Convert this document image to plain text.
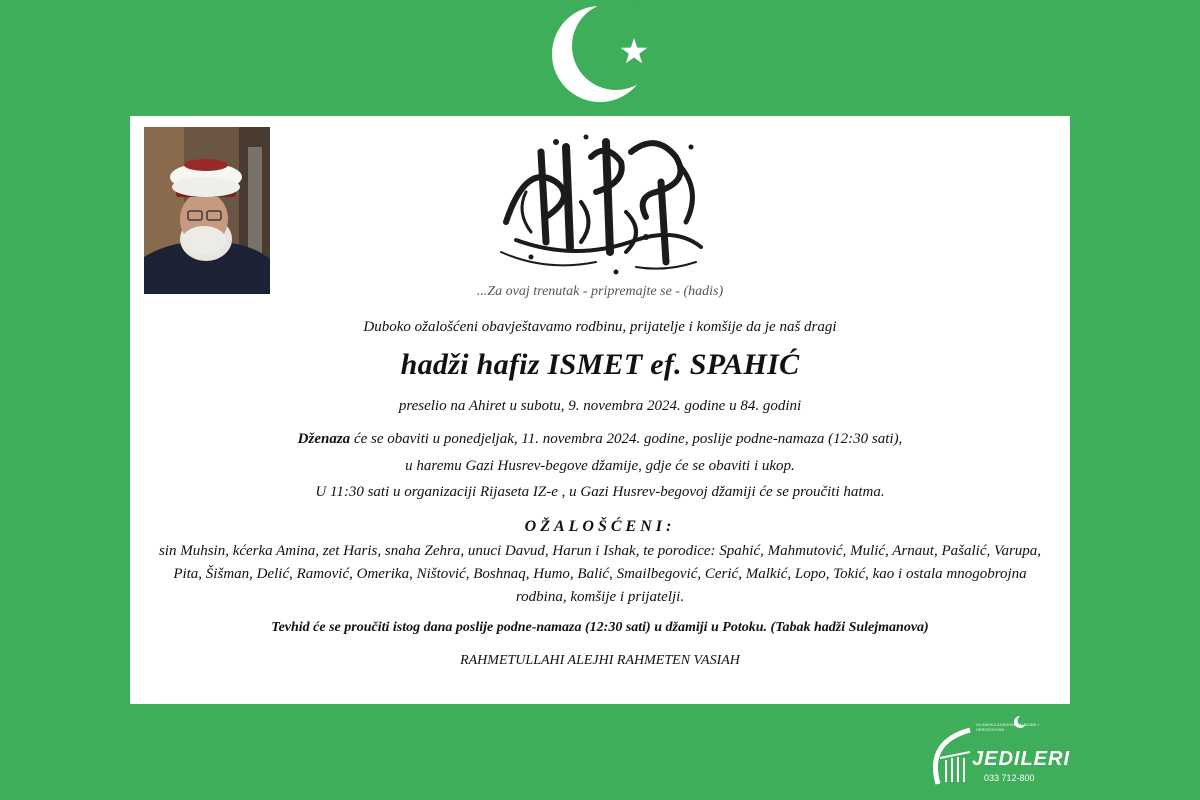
...Za ovaj trenutak - pripremajte se - (hadis)
Duboko ožalošćeni obavještavamo rodbinu, prijatelje i komšije da je naš dragi
hadži hafiz ISMET ef. SPAHIĆ
preselio na Ahiret u subotu, 9. novembra 2024. godine u 84. godini
Dženaza će se obaviti u ponedjeljak, 11. novembra 2024. godine, poslije podne-namaza (12:30 sati),
u haremu Gazi Husrev-begove džamije, gdje će se obaviti i ukop.
U 11:30 sati u organizaciji Rijaseta IZ-e , u Gazi Husrev-begovoj džamiji će se proučiti hatma.
OŽALOŠĆENI:
sin Muhsin, kćerka Amina, zet Haris, snaha Zehra, unuci Davud, Harun i Ishak, te porodice: Spahić, Mahmutović, Mulić, Arnaut, Pašalić, Varupa, Pita, Šišman, Delić, Ramović, Omerika, Ništović, Boshnaq, Humo, Balić, Smailbegović, Cerić, Malkić, Lopo, Tokić, kao i ostala mnogobrojna rodbina, komšije i prijatelji.
Tevhid će se proučiti istog dana poslije podne-namaza (12:30 sati) u džamiji u Potoku. (Tabak hadži Sulejmanova)
RAHMETULLAHI ALEJHI RAHMETEN VASIAH
ISLAMSKA ZAJEDNICA U BOSNI I HERCEGOVINI
JEDILERI
033 712-800
